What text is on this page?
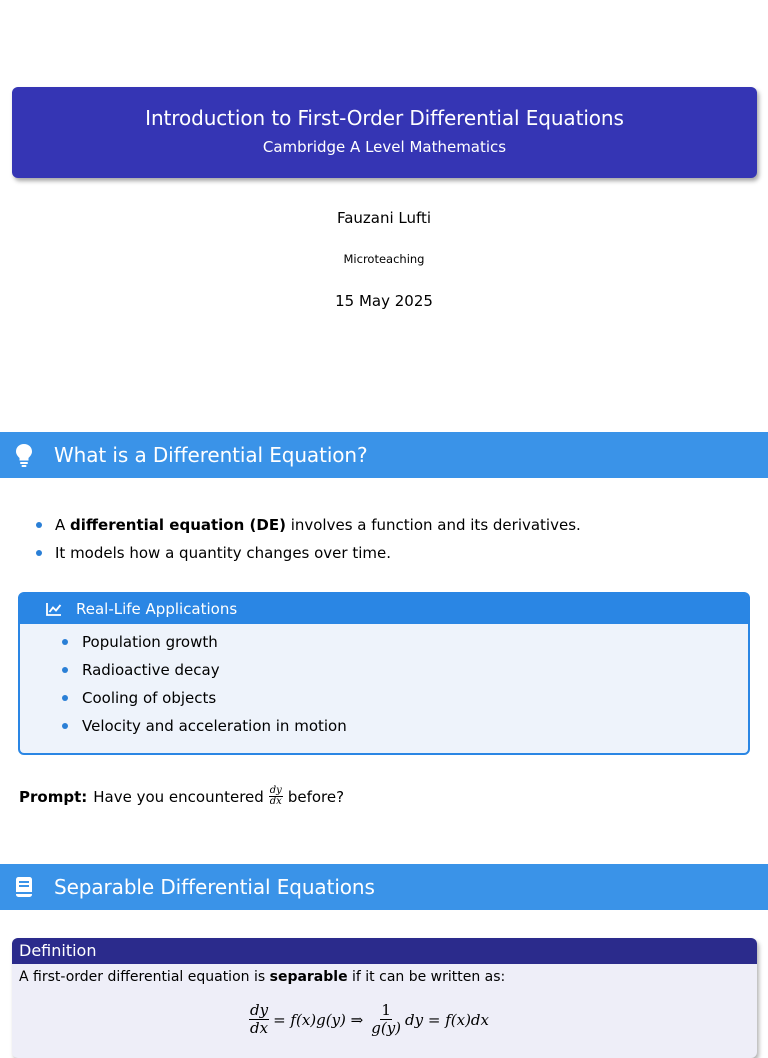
Introduction to First-Order Differential Equations
Cambridge A Level Mathematics
Fauzani Lufti
Microteaching
15 May 2025
What is a Differential Equation?
A differential equation (DE) involves a function and its derivatives.
It models how a quantity changes over time.
Real-Life Applications
Population growth
Radioactive decay
Cooling of objects
Velocity and acceleration in motion
Prompt: Have you encountered $\frac{dy}{dx}$ before?
Separable Differential Equations
Definition
A first-order differential equation is separable if it can be written as:
$\frac{dy}{dx} = f(x)g(y)$ ⇒ $\frac{1}{g(y)}$ dy = f(x)dx
